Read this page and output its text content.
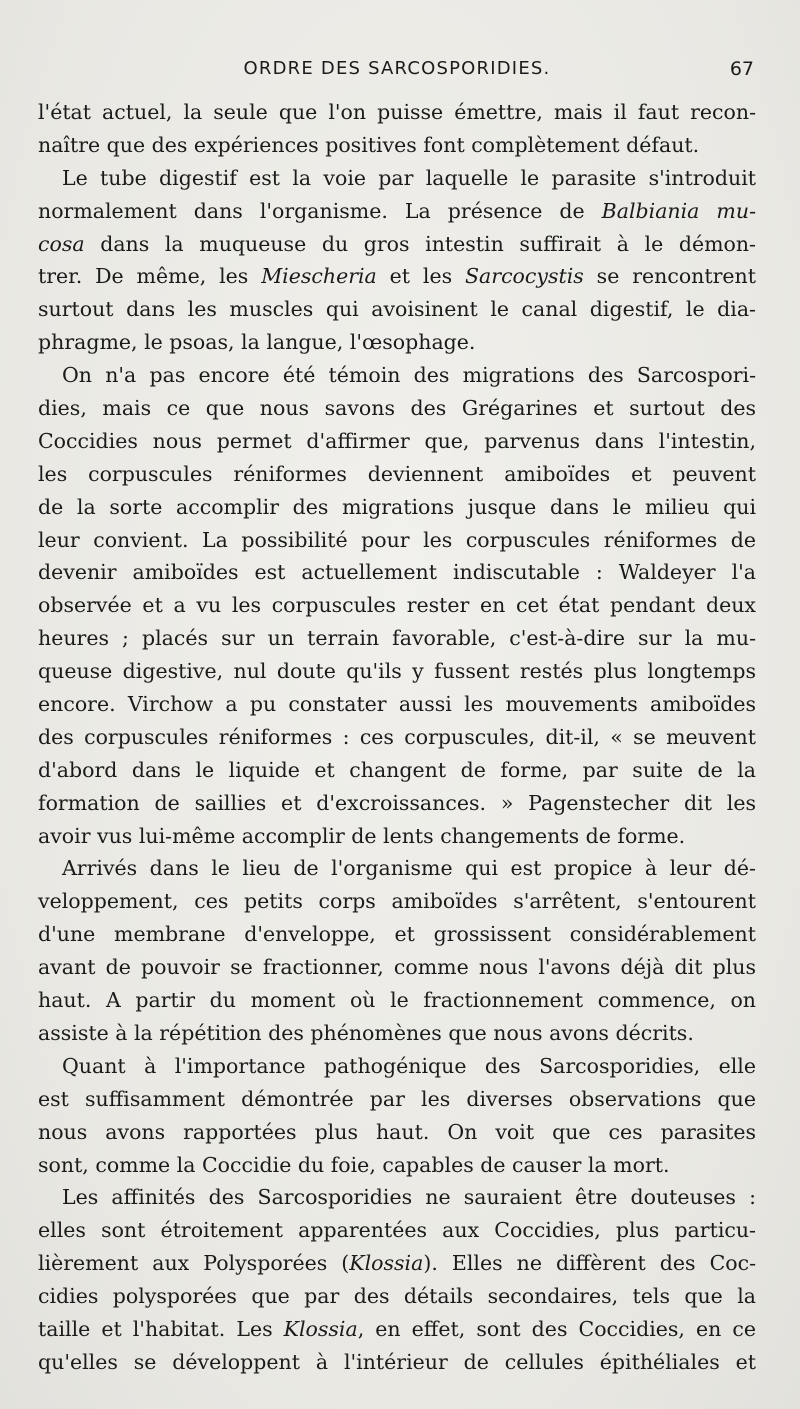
ORDRE DES SARCOSPORIDIES.	67
l'état actuel, la seule que l'on puisse émettre, mais il faut recon-
naître que des expériences positives font complètement défaut.
Le tube digestif est la voie par laquelle le parasite s'introduit
normalement dans l'organisme. La présence de Balbiania mu-
cosa dans la muqueuse du gros intestin suffirait à le démon-
trer. De même, les Miescheria et les Sarcocystis se rencontrent
surtout dans les muscles qui avoisinent le canal digestif, le dia-
phragme, le psoas, la langue, l'œsophage.
On n'a pas encore été témoin des migrations des Sarcospori-
dies, mais ce que nous savons des Grégarines et surtout des
Coccidies nous permet d'affirmer que, parvenus dans l'intestin,
les corpuscules réniformes deviennent amiboïdes et peuvent
de la sorte accomplir des migrations jusque dans le milieu qui
leur convient. La possibilité pour les corpuscules réniformes de
devenir amiboïdes est actuellement indiscutable : Waldeyer l'a
observée et a vu les corpuscules rester en cet état pendant deux
heures ; placés sur un terrain favorable, c'est-à-dire sur la mu-
queuse digestive, nul doute qu'ils y fussent restés plus longtemps
encore. Virchow a pu constater aussi les mouvements amiboïdes
des corpuscules réniformes : ces corpuscules, dit-il, « se meuvent
d'abord dans le liquide et changent de forme, par suite de la
formation de saillies et d'excroissances. » Pagenstecher dit les
avoir vus lui-même accomplir de lents changements de forme.
Arrivés dans le lieu de l'organisme qui est propice à leur dé-
veloppement, ces petits corps amiboïdes s'arrêtent, s'entourent
d'une membrane d'enveloppe, et grossissent considérablement
avant de pouvoir se fractionner, comme nous l'avons déjà dit plus
haut. A partir du moment où le fractionnement commence, on
assiste à la répétition des phénomènes que nous avons décrits.
Quant à l'importance pathogénique des Sarcosporidies, elle
est suffisamment démontrée par les diverses observations que
nous avons rapportées plus haut. On voit que ces parasites
sont, comme la Coccidie du foie, capables de causer la mort.
Les affinités des Sarcosporidies ne sauraient être douteuses :
elles sont étroitement apparentées aux Coccidies, plus particu-
lièrement aux Polysporées (Klossia). Elles ne diffèrent des Coc-
cidies polysporées que par des détails secondaires, tels que la
taille et l'habitat. Les Klossia, en effet, sont des Coccidies, en ce
qu'elles se développent à l'intérieur de cellules épithéliales et
